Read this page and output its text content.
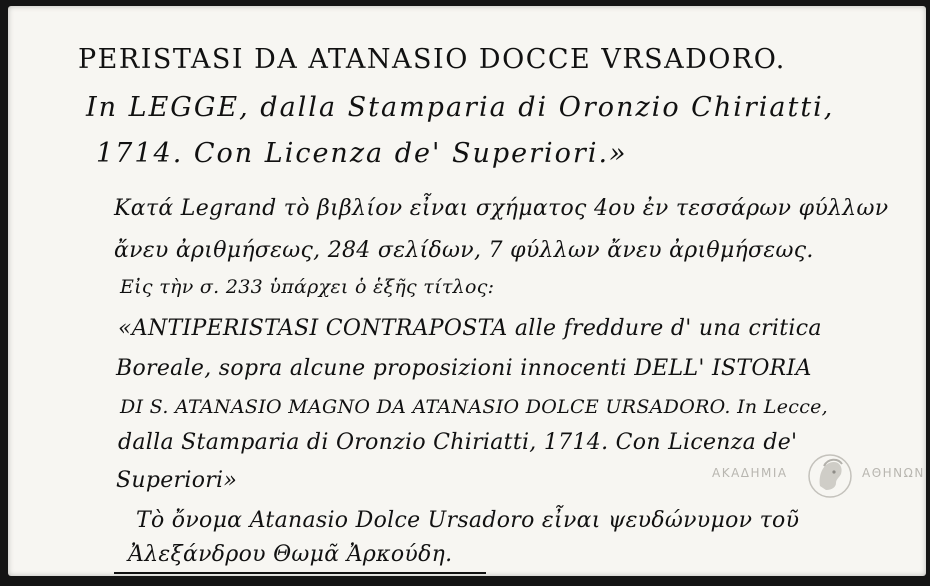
PERISTASI DA ATANASIO DOCCE VRSADORO.
In LEGGE, dalla Stamparia di Oronzio Chiriatti,
1714. Con Licenza de' Superiori.»
Κατά Legrand τὸ βιβλίον εἶναι σχήματος 4ου ἐν τεσσάρων φύλλων
ἄνευ ἀριθμήσεως, 284 σελίδων, 7 φύλλων ἄνευ ἀριθμήσεως.
Εἰς τὴν σ. 233 ὑπάρχει ὁ ἑξῆς τίτλος:
«ANTIPERISTASI CONTRAPOSTA alle freddure d' una critica
Boreale, sopra alcune proposizioni innocenti DELL' ISTORIA
DI S. ATANASIO MAGNO DA ATANASIO DOLCE URSADORO. In Lecce,
dalla Stamparia di Oronzio Chiriatti, 1714. Con Licenza de'
Superiori»
Τὸ ὄνομα Atanasio Dolce Ursadoro εἶναι ψευδώνυμον τοῦ
Ἀλεξάνδρου Θωμᾶ Ἀρκούδη.
ΑΚΑΔΗΜΙΑ	ΑΘΗΝΩΝ
